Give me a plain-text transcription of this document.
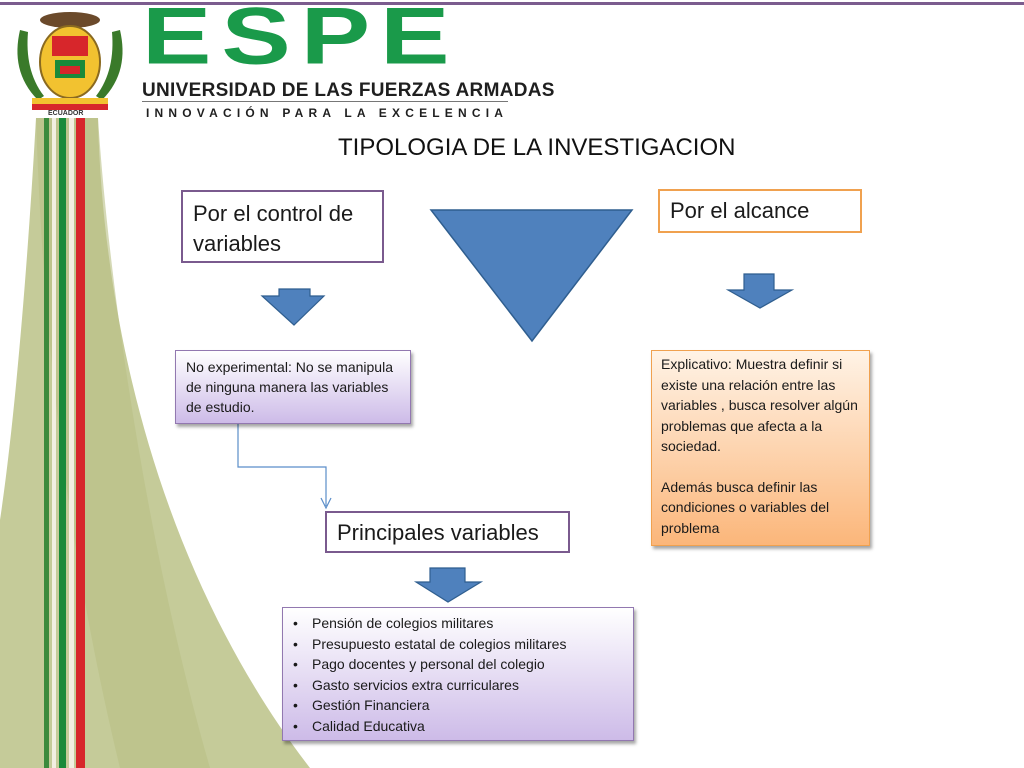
ECUADOR
ESPE
UNIVERSIDAD DE LAS FUERZAS ARMADAS
INNOVACIÓN PARA LA EXCELENCIA
TIPOLOGIA DE LA INVESTIGACION
Por el control de variables
Por el alcance
No experimental: No se manipula de ninguna manera las variables de estudio.

Explicativo: Muestra definir si existe una relación entre las variables , busca resolver algún problemas que afecta a la sociedad.

Además busca definir las condiciones o variables del problema

Principales variables
• Pensión de colegios militares
• Presupuesto estatal de colegios militares
• Pago docentes y personal del colegio
• Gasto servicios extra curriculares
• Gestión Financiera
• Calidad Educativa
